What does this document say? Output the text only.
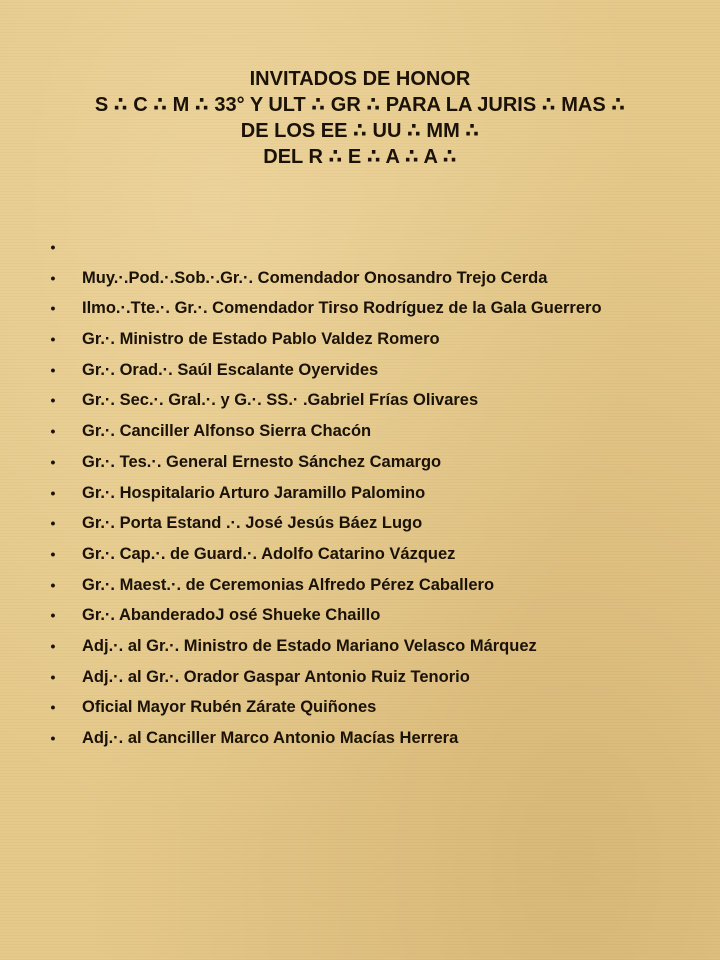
INVITADOS DE HONOR
S ∴ C ∴ M ∴ 33° Y ULT ∴ GR ∴ PARA LA JURIS ∴ MAS ∴
DE LOS EE ∴ UU ∴ MM ∴
DEL R ∴ E ∴ A ∴ A ∴
•
• Muy.·.Pod.·.Sob.·.Gr.·. Comendador Onosandro Trejo Cerda
• Ilmo.·.Tte.·. Gr.·. Comendador Tirso Rodríguez de la Gala Guerrero
• Gr.·. Ministro de Estado Pablo Valdez Romero
• Gr.·. Orad.·. Saúl Escalante Oyervides
• Gr.·. Sec.·. Gral.·. y G.·. SS.· .Gabriel Frías Olivares
• Gr.·. Canciller Alfonso Sierra Chacón
• Gr.·. Tes.·. General Ernesto Sánchez Camargo
• Gr.·. Hospitalario Arturo Jaramillo Palomino
• Gr.·. Porta Estand .·. José Jesús Báez Lugo
• Gr.·. Cap.·. de Guard.·. Adolfo Catarino Vázquez
• Gr.·. Maest.·. de Ceremonias Alfredo Pérez Caballero
• Gr.·. AbanderadoJ osé Shueke Chaillo
• Adj.·. al Gr.·. Ministro de Estado Mariano Velasco Márquez
• Adj.·. al Gr.·. Orador Gaspar Antonio Ruiz Tenorio
• Oficial Mayor Rubén Zárate Quiñones
• Adj.·. al Canciller Marco Antonio Macías Herrera
